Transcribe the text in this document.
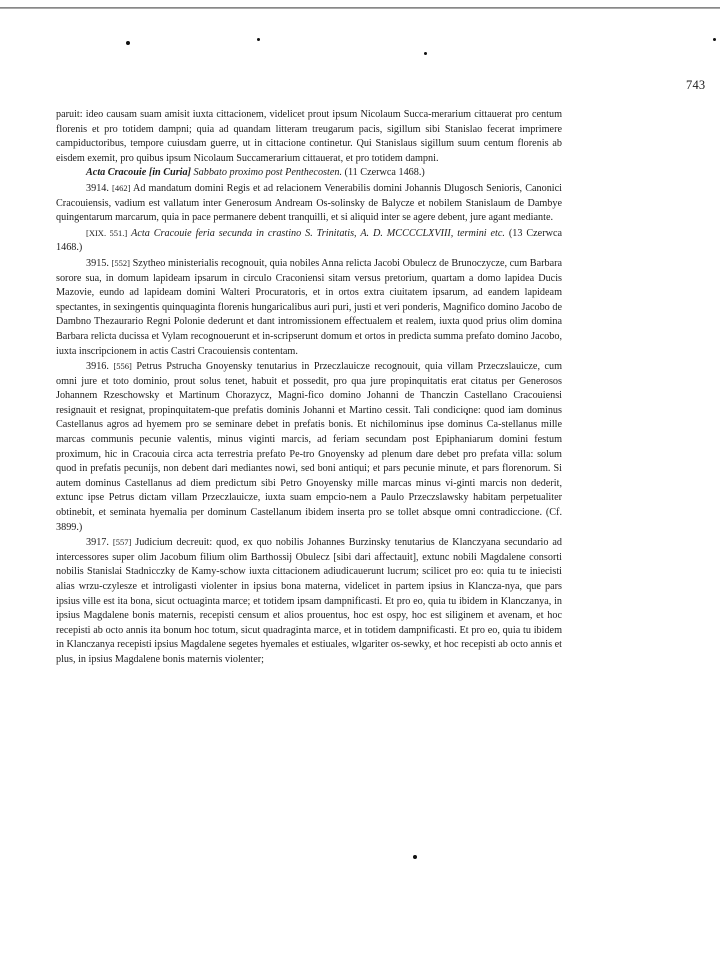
743

paruit: ideo causam suam amisit iuxta cittacionem, videlicet prout ipsum Nicolaum Succa-merarium cittauerat pro centum florenis et pro totidem dampni; quia ad quandam litteram treugarum pacis, sigillum sibi Stanislao fecerat imprimere campiductoribus, tempore cuiusdam guerre, ut in cittacione continetur. Qui Stanislaus sigillum suum centum florenis ab eisdem exemit, pro quibus ipsum Nicolaum Succamerarium cittauerat, et pro totidem dampni.

Acta Cracouie [in Curia] Sabbato proximo post Penthecosten. (11 Czerwca 1468.)

3914. [462] Ad mandatum domini Regis et ad relacionem Venerabilis domini Johannis Dlugosch Senioris, Canonici Cracouiensis, vadium est vallatum inter Generosum Andream Os-solinsky de Balycze et nobilem Stanislaum de Dambye quingentarum marcarum, quia in pace permanere debent tranquilli, et si aliquid inter se agere debent, jure agant mediante.

[XIX. 551.] Acta Cracouie feria secunda in crastino S. Trinitatis, A. D. MCCCCLXVIII, termini etc. (13 Czerwca 1468.)

3915. [552] Szytheo ministerialis recognouit, quia nobiles Anna relicta Jacobi Obulecz de Brunoczycze, cum Barbara sorore sua, in domum lapideam ipsarum in circulo Craconiensi sitam versus pretorium, quartam a domo lapidea Ducis Mazovie, eundo ad lapideam domini Walteri Procuratoris, et in ortos extra ciuitatem ipsarum, ad eandem lapideam spectantes, in sexingentis quinquaginta florenis hungaricalibus auri puri, justi et veri ponderis, Magnifico domino Jacobo de Dambno Thezaurario Regni Polonie dederunt et dant intromissionem effectualem et realem, iuxta quod prius olim domina Barbara relicta ducissa et Vylam recognouerunt et in-scripserunt domum et ortos in predicta summa prefato domino Jacobo, iuxta inscripcionem in actis Castri Cracouiensis contentam.

3916. [556] Petrus Pstrucha Gnoyensky tenutarius in Przeczlauicze recognouit, quia villam Przeczslauicze, cum omni jure et toto dominio, prout solus tenet, habuit et possedit, pro qua jure propinquitatis erat citatus per Generosos Johannem Rzeschowsky et Martinum Chorazycz, Magni-fico domino Johanni de Thanczin Castellano Cracouiensi resignauit et resignat, propinquitatem-que prefatis dominis Johanni et Martino cessit. Tali condicione: quod iam dominus Castellanus agros ad hyemem pro se seminare debet in prefatis bonis. Et nichilominus ipse dominus Ca-stellanus mille marcas communis pecunie valentis, minus viginti marcis, ad feriam secundam post Epiphaniarum domini festum proximum, hic in Cracouia circa acta terrestria prefato Pe-tro Gnoyensky ad plenum dare debet pro prefata villa: solum quod in prefatis pecunijs, non debent dari mediantes nowi, sed boni antiqui; et pars pecunie minute, et pars florenorum. Si autem dominus Castellanus ad diem predictum sibi Petro Gnoyensky mille marcas minus vi-ginti marcis non dederit, extunc ipse Petrus dictam villam Przeczlauicze, iuxta suam empcio-nem a Paulo Przeczslawsky habitam perpetualiter obtinebit, et seminata hyemalia per dominum Castellanum ibidem inserta pro se tollet absque omni contradiccione. (Cf. 3899.)

3917. [557] Judicium decreuit: quod, ex quo nobilis Johannes Burzinsky tenutarius de Klanczyana secundario ad intercessores super olim Jacobum filium olim Barthossij Obulecz [sibi dari affectauit], extunc nobili Magdalene consorti nobilis Stanislai Stadnicczky de Kamy-schow iuxta cittacionem adiudicauerunt lucrum; scilicet pro eo: quia tu te iniecisti alias wrzu-czylesze et introligasti violenter in ipsius bona materna, videlicet in partem ipsius in Klancza-nya, que pars ipsius ville est ita bona, sicut octuaginta marce; et totidem ipsam dampnificasti. Et pro eo, quia tu ibidem in Klanczanya, in ipsius Magdalene bonis maternis, recepisti censum et alios prouentus, hoc est ospy, hoc est siliginem et avenam, et hoc recepisti ab octo annis ita bonum hoc totum, sicut quadraginta marce, et in totidem dampnificasti. Et pro eo, quia tu ibidem in Klanczanya recepisti ipsius Magdalene segetes hyemales et estiuales, wlgariter os-sewky, et hoc recepisti ab octo annis et plus, in ipsius Magdalene bonis maternis violenter;
